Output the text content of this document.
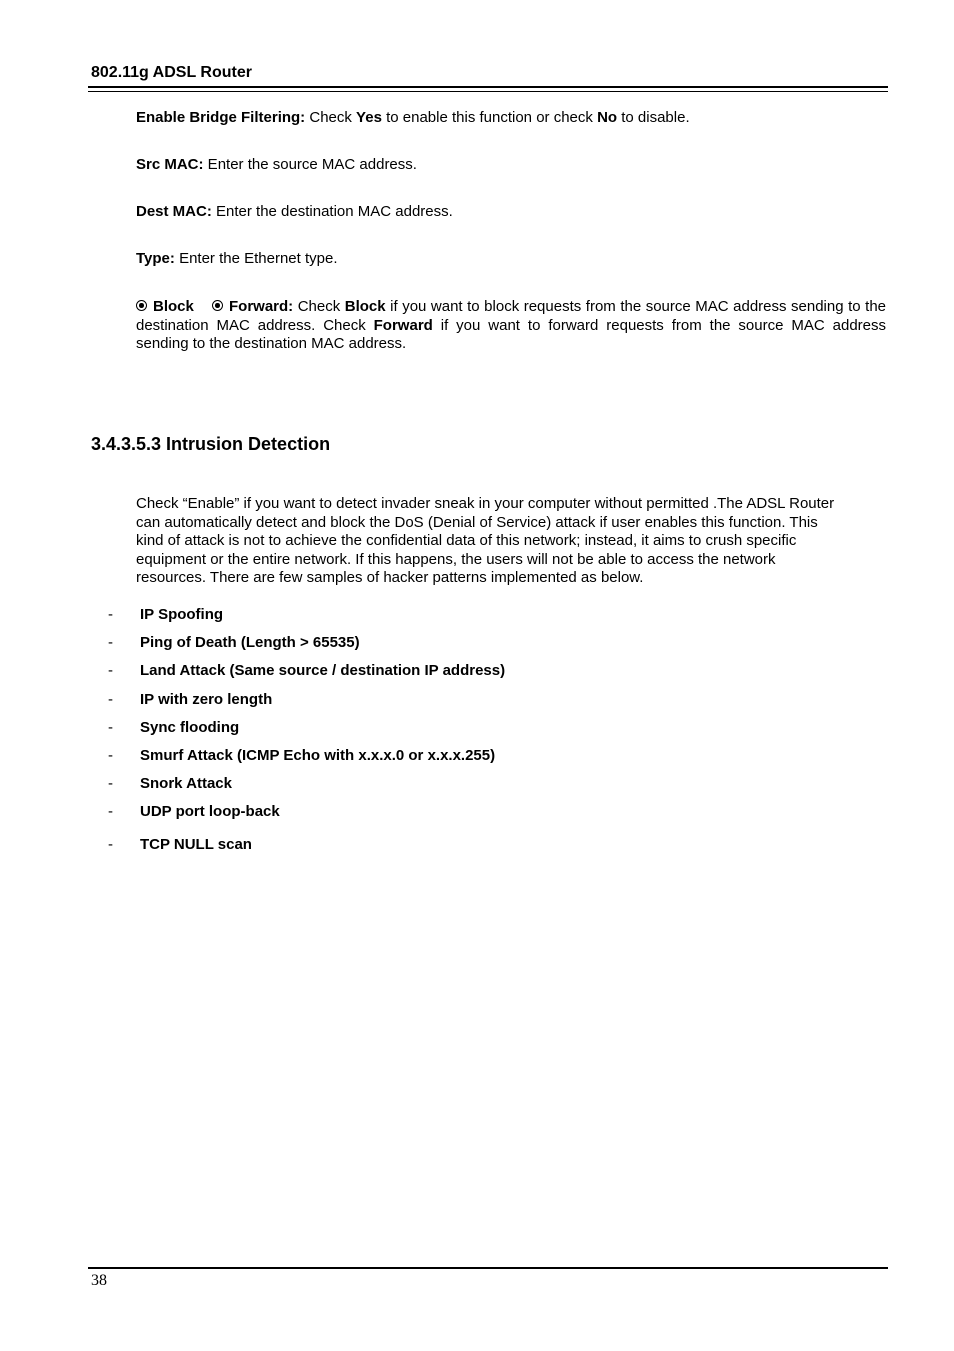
802.11g ADSL Router
Enable Bridge Filtering: Check Yes to enable this function or check No to disable.
Src MAC: Enter the source MAC address.
Dest MAC: Enter the destination MAC address.
Type: Enter the Ethernet type.
Block Forward: Check Block if you want to block requests from the source MAC address sending to the destination MAC address. Check Forward if you want to forward requests from the source MAC address sending to the destination MAC address.
3.4.3.5.3 Intrusion Detection
Check “Enable” if you want to detect invader sneak in your computer without permitted .The ADSL Router
can automatically detect and block the DoS (Denial of Service) attack if user enables this function. This
kind of attack is not to achieve the confidential data of this network; instead, it aims to crush specific
equipment or the entire network. If this happens, the users will not be able to access the network
resources. There are few samples of hacker patterns implemented as below.
- IP Spoofing
- Ping of Death (Length > 65535)
- Land Attack (Same source / destination IP address)
- IP with zero length
- Sync flooding
- Smurf Attack (ICMP Echo with x.x.x.0 or x.x.x.255)
- Snork Attack
- UDP port loop-back
- TCP NULL scan
38
